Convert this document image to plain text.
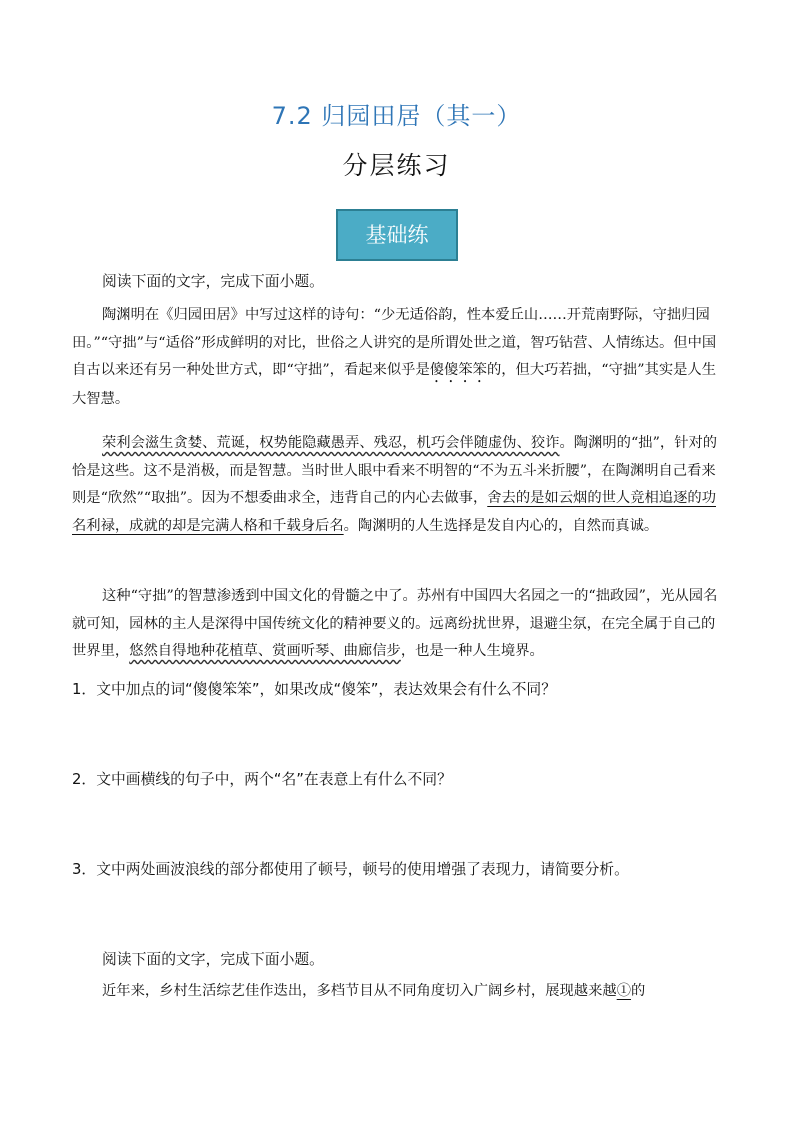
7.2 归园田居（其一）
分层练习
基础练
阅读下面的文字，完成下面小题。
陶渊明在《归园田居》中写过这样的诗句：“少无适俗韵，性本爱丘山……开荒南野际，守拙归园田。”“守拙”与“适俗”形成鲜明的对比，世俗之人讲究的是所谓处世之道，智巧钻营、人情练达。但中国自古以来还有另一种处世方式，即“守拙”，看起来似乎是傻傻笨笨的，但大巧若拙，“守拙”其实是人生大智慧。
荣利会滋生贪婪、荒诞，权势能隐藏愚弄、残忍，机巧会伴随虚伪、狡诈。陶渊明的“拙”，针对的恰是这些。这不是消极，而是智慧。当时世人眼中看来不明智的“不为五斗米折腰”，在陶渊明自己看来则是“欣然”“取拙”。因为不想委曲求全，违背自己的内心去做事，舍去的是如云烟的世人竞相追逐的功名利禄，成就的却是完满人格和千载身后名。陶渊明的人生选择是发自内心的，自然而真诚。
这种“守拙”的智慧渗透到中国文化的骨髓之中了。苏州有中国四大名园之一的“拙政园”，光从园名就可知，园林的主人是深得中国传统文化的精神要义的。远离纷扰世界，退避尘氛，在完全属于自己的世界里，悠然自得地种花植草、赏画听琴、曲廊信步，也是一种人生境界。
1．文中加点的词“傻傻笨笨”，如果改成“傻笨”，表达效果会有什么不同？
2．文中画横线的句子中，两个“名”在表意上有什么不同？
3．文中两处画波浪线的部分都使用了顿号，顿号的使用增强了表现力，请简要分析。
阅读下面的文字，完成下面小题。
近年来，乡村生活综艺佳作迭出，多档节目从不同角度切入广阔乡村，展现越来越①的
